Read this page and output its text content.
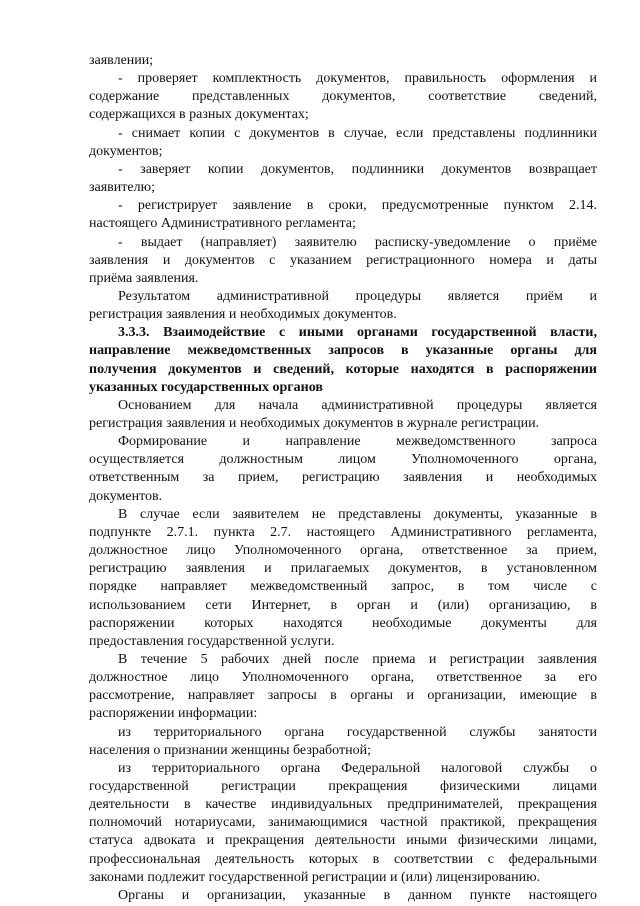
заявлении;
- проверяет комплектность документов, правильность оформления и
содержание представленных документов, соответствие сведений,
содержащихся в разных документах;
- снимает копии с документов в случае, если представлены подлинники
документов;
- заверяет копии документов, подлинники документов возвращает
заявителю;
- регистрирует заявление в сроки, предусмотренные пунктом 2.14.
настоящего Административного регламента;
- выдает (направляет) заявителю расписку-уведомление о приёме
заявления и документов с указанием регистрационного номера и даты
приёма заявления.
Результатом административной процедуры является приём и
регистрация заявления и необходимых документов.
3.3.3. Взаимодействие с иными органами государственной власти,
направление межведомственных запросов в указанные органы для
получения документов и сведений, которые находятся в распоряжении
указанных государственных органов
Основанием для начала административной процедуры является
регистрация заявления и необходимых документов в журнале регистрации.
Формирование и направление межведомственного запроса
осуществляется должностным лицом Уполномоченного органа,
ответственным за прием, регистрацию заявления и необходимых
документов.
В случае если заявителем не представлены документы, указанные в
подпункте 2.7.1. пункта 2.7. настоящего Административного регламента,
должностное лицо Уполномоченного органа, ответственное за прием,
регистрацию заявления и прилагаемых документов, в установленном
порядке направляет межведомственный запрос, в том числе с
использованием сети Интернет, в орган и (или) организацию, в
распоряжении которых находятся необходимые документы для
предоставления государственной услуги.
В течение 5 рабочих дней после приема и регистрации заявления
должностное лицо Уполномоченного органа, ответственное за его
рассмотрение, направляет запросы в органы и организации, имеющие в
распоряжении информации:
из территориального органа государственной службы занятости
населения о признании женщины безработной;
из территориального органа Федеральной налоговой службы о
государственной регистрации прекращения физическими лицами
деятельности в качестве индивидуальных предпринимателей, прекращения
полномочий нотариусами, занимающимися частной практикой, прекращения
статуса адвоката и прекращения деятельности иными физическими лицами,
профессиональная деятельность которых в соответствии с федеральными
законами подлежит государственной регистрации и (или) лицензированию.
Органы и организации, указанные в данном пункте настоящего
